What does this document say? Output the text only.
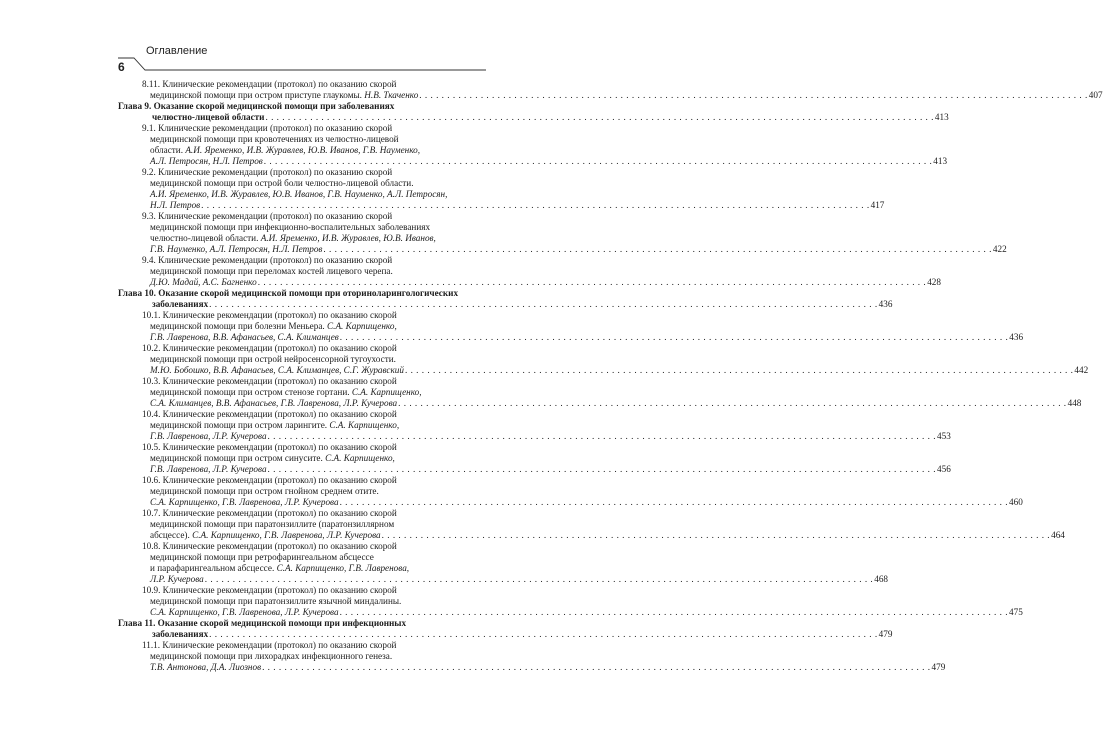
6
Оглавление
8.11. Клинические рекомендации (протокол) по оказанию скорой
медицинской помощи при остром приступе глаукомы. Н.В. Ткаченко . . . . . . . . . . . . . . . . . . . . . . . . . . . . . . . . . . . . . . . . . . . . . . . . . . . . . . . . . . . . . . . . . . . . . . . . . . . . . . . . . . . . . . . . . . . . . . . . . . . . . . . . . . . . . . . . . . . . . . . . 407
Глава 9. Оказание скорой медицинской помощи при заболеваниях
челюстно-лицевой области . . . . . . . . . . . . . . . . . . . . . . . . . . . . . . . . . . . . . . . . . . . . . . . . . . . . . . . . . . . . . . . . . . . . . . . . . . . . . . . . . . . . . . . . . . . . . . . . . . . . . . . . . . . . . . . . . . . . . . . . 413
9.1. Клинические рекомендации (протокол) по оказанию скорой
медицинской помощи при кровотечениях из челюстно-лицевой
области. А.И. Яременко, И.В. Журавлев, Ю.В. Иванов, Г.В. Науменко,
А.Л. Петросян, Н.Л. Петров . . . . . . . . . . . . . . . . . . . . . . . . . . . . . . . . . . . . . . . . . . . . . . . . . . . . . . . . . . . . . . . . . . . . . . . . . . . . . . . . . . . . . . . . . . . . . . . . . . . . . . . . . . . . . . . . . . . . . . . . 413
9.2. Клинические рекомендации (протокол) по оказанию скорой
медицинской помощи при острой боли челюстно-лицевой области.
А.И. Яременко, И.В. Журавлев, Ю.В. Иванов, Г.В. Науменко, А.Л. Петросян,
Н.Л. Петров . . . . . . . . . . . . . . . . . . . . . . . . . . . . . . . . . . . . . . . . . . . . . . . . . . . . . . . . . . . . . . . . . . . . . . . . . . . . . . . . . . . . . . . . . . . . . . . . . . . . . . . . . . . . . . . . . . . . . . . . 417
9.3. Клинические рекомендации (протокол) по оказанию скорой
медицинской помощи при инфекционно-воспалительных заболеваниях
челюстно-лицевой области. А.И. Яременко, И.В. Журавлев, Ю.В. Иванов,
Г.В. Науменко, А.Л. Петросян, Н.Л. Петров . . . . . . . . . . . . . . . . . . . . . . . . . . . . . . . . . . . . . . . . . . . . . . . . . . . . . . . . . . . . . . . . . . . . . . . . . . . . . . . . . . . . . . . . . . . . . . . . . . . . . . . . . . . . . . . . . . . . . . . . 422
9.4. Клинические рекомендации (протокол) по оказанию скорой
медицинской помощи при переломах костей лицевого черепа.
Д.Ю. Мадай, А.С. Багненко . . . . . . . . . . . . . . . . . . . . . . . . . . . . . . . . . . . . . . . . . . . . . . . . . . . . . . . . . . . . . . . . . . . . . . . . . . . . . . . . . . . . . . . . . . . . . . . . . . . . . . . . . . . . . . . . . . . . . . . . 428
Глава 10. Оказание скорой медицинской помощи при оториноларингологических
заболеваниях . . . . . . . . . . . . . . . . . . . . . . . . . . . . . . . . . . . . . . . . . . . . . . . . . . . . . . . . . . . . . . . . . . . . . . . . . . . . . . . . . . . . . . . . . . . . . . . . . . . . . . . . . . . . . . . . . . . . . . . . 436
10.1. Клинические рекомендации (протокол) по оказанию скорой
медицинской помощи при болезни Меньера. С.А. Карпищенко,
Г.В. Лавренова, В.В. Афанасьев, С.А. Климанцев . . . . . . . . . . . . . . . . . . . . . . . . . . . . . . . . . . . . . . . . . . . . . . . . . . . . . . . . . . . . . . . . . . . . . . . . . . . . . . . . . . . . . . . . . . . . . . . . . . . . . . . . . . . . . . . . . . . . . . . . 436
10.2. Клинические рекомендации (протокол) по оказанию скорой
медицинской помощи при острой нейросенсорной тугоухости.
М.Ю. Бобошко, В.В. Афанасьев, С.А. Климанцев, С.Г. Журавский . . . . . . . . . . . . . . . . . . . . . . . . . . . . . . . . . . . . . . . . . . . . . . . . . . . . . . . . . . . . . . . . . . . . . . . . . . . . . . . . . . . . . . . . . . . . . . . . . . . . . . . . . . . . . . . . . . . . . . . . 442
10.3. Клинические рекомендации (протокол) по оказанию скорой
медицинской помощи при остром стенозе гортани. С.А. Карпищенко,
С.А. Климанцев, В.В. Афанасьев, Г.В. Лавренова, Л.Р. Кучерова . . . . . . . . . . . . . . . . . . . . . . . . . . . . . . . . . . . . . . . . . . . . . . . . . . . . . . . . . . . . . . . . . . . . . . . . . . . . . . . . . . . . . . . . . . . . . . . . . . . . . . . . . . . . . . . . . . . . . . . . 448
10.4. Клинические рекомендации (протокол) по оказанию скорой
медицинской помощи при остром ларингите. С.А. Карпищенко,
Г.В. Лавренова, Л.Р. Кучерова . . . . . . . . . . . . . . . . . . . . . . . . . . . . . . . . . . . . . . . . . . . . . . . . . . . . . . . . . . . . . . . . . . . . . . . . . . . . . . . . . . . . . . . . . . . . . . . . . . . . . . . . . . . . . . . . . . . . . . . . 453
10.5. Клинические рекомендации (протокол) по оказанию скорой
медицинской помощи при остром синусите. С.А. Карпищенко,
Г.В. Лавренова, Л.Р. Кучерова . . . . . . . . . . . . . . . . . . . . . . . . . . . . . . . . . . . . . . . . . . . . . . . . . . . . . . . . . . . . . . . . . . . . . . . . . . . . . . . . . . . . . . . . . . . . . . . . . . . . . . . . . . . . . . . . . . . . . . . . 456
10.6. Клинические рекомендации (протокол) по оказанию скорой
медицинской помощи при остром гнойном среднем отите.
С.А. Карпищенко, Г.В. Лавренова, Л.Р. Кучерова . . . . . . . . . . . . . . . . . . . . . . . . . . . . . . . . . . . . . . . . . . . . . . . . . . . . . . . . . . . . . . . . . . . . . . . . . . . . . . . . . . . . . . . . . . . . . . . . . . . . . . . . . . . . . . . . . . . . . . . . 460
10.7. Клинические рекомендации (протокол) по оказанию скорой
медицинской помощи при паратонзиллите (паратонзиллярном
абсцессе). С.А. Карпищенко, Г.В. Лавренова, Л.Р. Кучерова . . . . . . . . . . . . . . . . . . . . . . . . . . . . . . . . . . . . . . . . . . . . . . . . . . . . . . . . . . . . . . . . . . . . . . . . . . . . . . . . . . . . . . . . . . . . . . . . . . . . . . . . . . . . . . . . . . . . . . . . 464
10.8. Клинические рекомендации (протокол) по оказанию скорой
медицинской помощи при ретрофарингеальном абсцессе
и парафарингеальном абсцессе. С.А. Карпищенко, Г.В. Лавренова,
Л.Р. Кучерова . . . . . . . . . . . . . . . . . . . . . . . . . . . . . . . . . . . . . . . . . . . . . . . . . . . . . . . . . . . . . . . . . . . . . . . . . . . . . . . . . . . . . . . . . . . . . . . . . . . . . . . . . . . . . . . . . . . . . . . . 468
10.9. Клинические рекомендации (протокол) по оказанию скорой
медицинской помощи при паратонзиллите язычной миндалины.
С.А. Карпищенко, Г.В. Лавренова, Л.Р. Кучерова . . . . . . . . . . . . . . . . . . . . . . . . . . . . . . . . . . . . . . . . . . . . . . . . . . . . . . . . . . . . . . . . . . . . . . . . . . . . . . . . . . . . . . . . . . . . . . . . . . . . . . . . . . . . . . . . . . . . . . . . 475
Глава 11. Оказание скорой медицинской помощи при инфекционных
заболеваниях . . . . . . . . . . . . . . . . . . . . . . . . . . . . . . . . . . . . . . . . . . . . . . . . . . . . . . . . . . . . . . . . . . . . . . . . . . . . . . . . . . . . . . . . . . . . . . . . . . . . . . . . . . . . . . . . . . . . . . . . 479
11.1. Клинические рекомендации (протокол) по оказанию скорой
медицинской помощи при лихорадках инфекционного генеза.
Т.В. Антонова, Д.А. Лиознов . . . . . . . . . . . . . . . . . . . . . . . . . . . . . . . . . . . . . . . . . . . . . . . . . . . . . . . . . . . . . . . . . . . . . . . . . . . . . . . . . . . . . . . . . . . . . . . . . . . . . . . . . . . . . . . . . . . . . . . . 479
